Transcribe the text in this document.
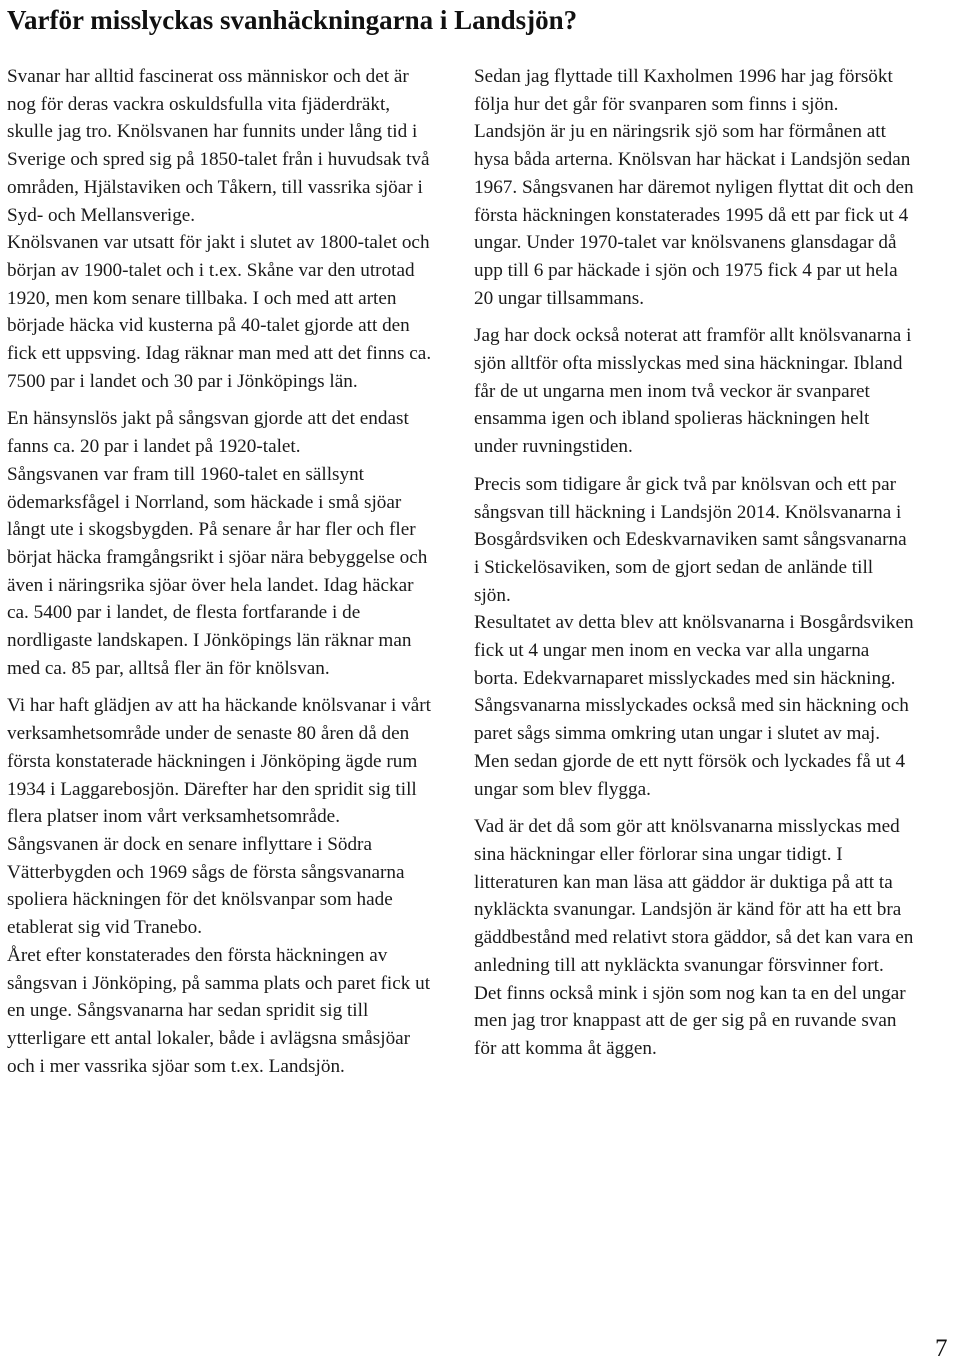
Varför misslyckas svanhäckningarna i Landsjön?

Svanar har alltid fascinerat oss människor och det är nog för deras vackra oskuldsfulla vita fjäderdräkt, skulle jag tro. Knölsvanen har funnits under lång tid i Sverige och spred sig på 1850-talet från i huvudsak två områden, Hjälstaviken och Tåkern, till vassrika sjöar i Syd- och Mellansverige.

Knölsvanen var utsatt för jakt i slutet av 1800-talet och början av 1900-talet och i t.ex. Skåne var den utrotad 1920, men kom senare tillbaka. I och med att arten började häcka vid kusterna på 40-talet gjorde att den fick ett uppsving. Idag räknar man med att det finns ca. 7500 par i landet och 30 par i Jönköpings län.

En hänsynslös jakt på sångsvan gjorde att det endast fanns ca. 20 par i landet på 1920-talet.

Sångsvanen var fram till 1960-talet en sällsynt ödemarksfågel i Norrland, som häckade i små sjöar långt ute i skogsbygden. På senare år har fler och fler börjat häcka framgångsrikt i sjöar nära bebyggelse och även i näringsrika sjöar över hela landet. Idag häckar ca. 5400 par i landet, de flesta fortfarande i de nordligaste landskapen. I Jönköpings län räknar man med ca. 85 par, alltså fler än för knölsvan.

Vi har haft glädjen av att ha häckande knölsvanar i vårt verksamhetsområde under de senaste 80 åren då den första konstaterade häckningen i Jönköping ägde rum 1934 i Laggarebosjön. Därefter har den spridit sig till flera platser inom vårt verksamhetsområde.

Sångsvanen är dock en senare inflyttare i Södra Vätterbygden och 1969 sågs de första sångsvanarna spoliera häckningen för det knölsvanpar som hade etablerat sig vid Tranebo.

Året efter konstaterades den första häckningen av sångsvan i Jönköping, på samma plats och paret fick ut en unge. Sångsvanarna har sedan spridit sig till ytterligare ett antal lokaler, både i avlägsna småsjöar och i mer vassrika sjöar som t.ex. Landsjön.

Sedan jag flyttade till Kaxholmen 1996 har jag försökt följa hur det går för svanparen som finns i sjön. Landsjön är ju en näringsrik sjö som har förmånen att hysa båda arterna. Knölsvan har häckat i Landsjön sedan 1967. Sångsvanen har däremot nyligen flyttat dit och den första häckningen konstaterades 1995 då ett par fick ut 4 ungar. Under 1970-talet var knölsvanens glansdagar då upp till 6 par häckade i sjön och 1975 fick 4 par ut hela 20 ungar tillsammans.

Jag har dock också noterat att framför allt knölsvanarna i sjön alltför ofta misslyckas med sina häckningar. Ibland får de ut ungarna men inom två veckor är svanparet ensamma igen och ibland spolieras häckningen helt under ruvningstiden.

Precis som tidigare år gick två par knölsvan och ett par sångsvan till häckning i Landsjön 2014. Knölsvanarna i Bosgårdsviken och Edeskvarnaviken samt sångsvanarna i Stickelösaviken, som de gjort sedan de anlände till sjön.

Resultatet av detta blev att knölsvanarna i Bosgårdsviken fick ut 4 ungar men inom en vecka var alla ungarna borta. Edekvarnaparet misslyckades med sin häckning. Sångsvanarna misslyckades också med sin häckning och paret sågs simma omkring utan ungar i slutet av maj. Men sedan gjorde de ett nytt försök och lyckades få ut 4 ungar som blev flygga.

Vad är det då som gör att knölsvanarna misslyckas med sina häckningar eller förlorar sina ungar tidigt. I litteraturen kan man läsa att gäddor är duktiga på att ta nykläckta svanungar. Landsjön är känd för att ha ett bra gäddbestånd med relativt stora gäddor, så det kan vara en anledning till att nykläckta svanungar försvinner fort. Det finns också mink i sjön som nog kan ta en del ungar men jag tror knappast att de ger sig på en ruvande svan för att komma åt äggen.

7
